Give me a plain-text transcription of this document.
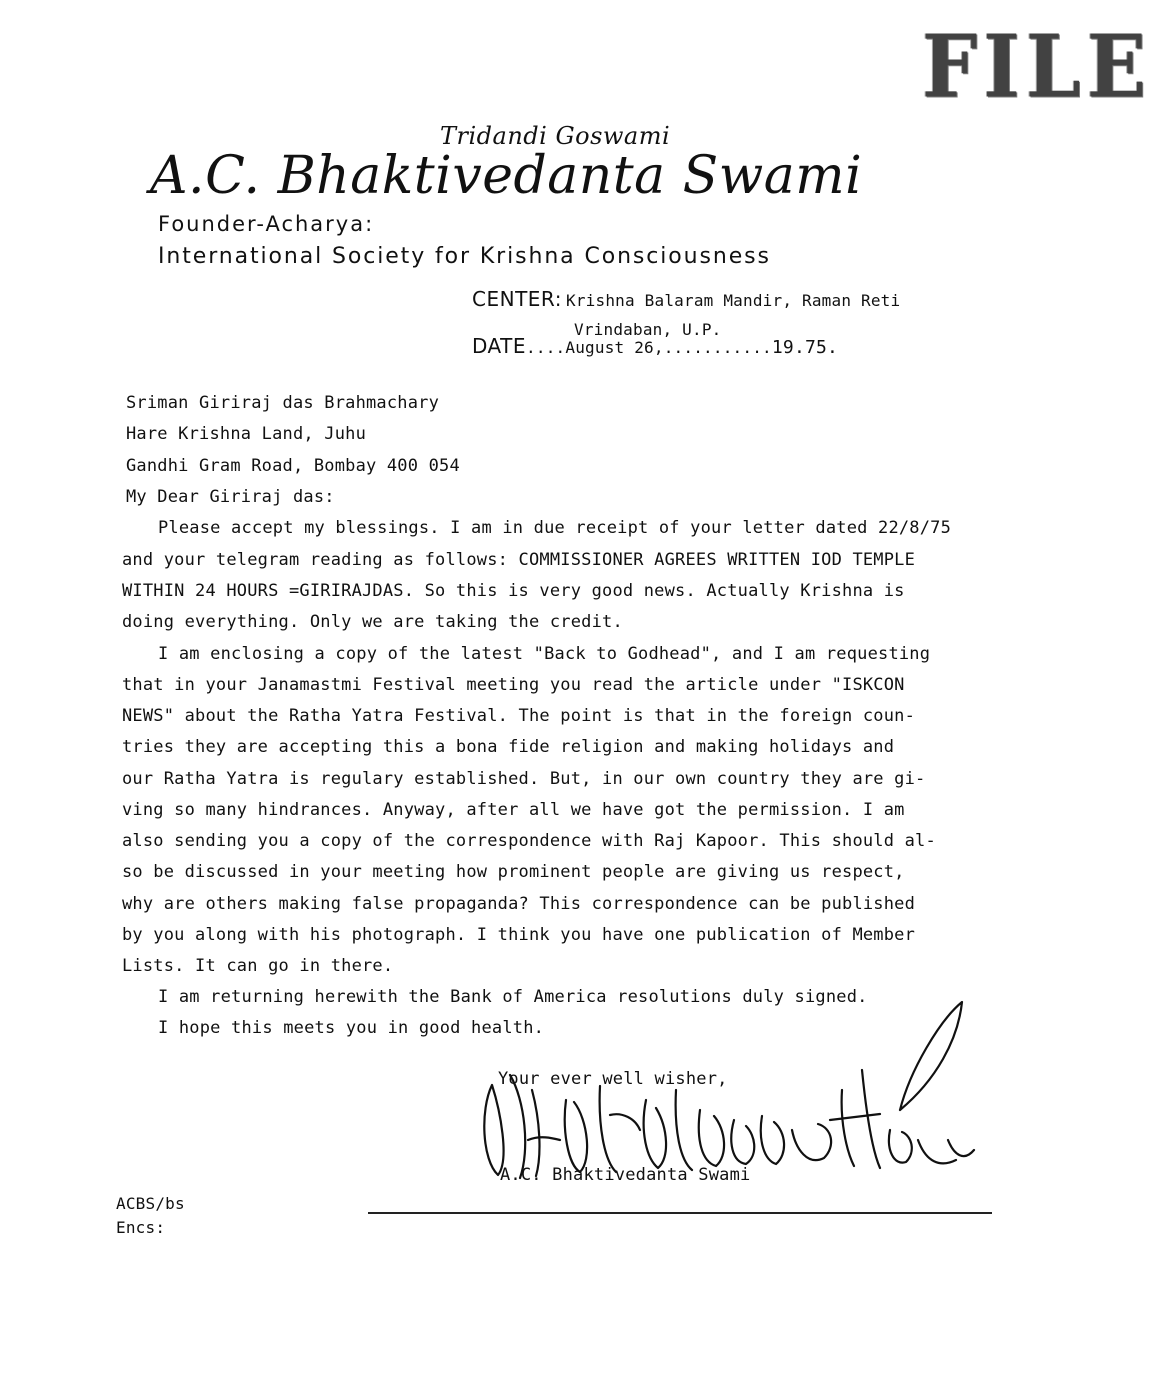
FILE
Tridandi Goswami
A.C. Bhaktivedanta Swami
Founder-Acharya:
International Society for Krishna Consciousness
CENTER: Krishna Balaram Mandir, Raman Reti
Vrindaban, U.P.
DATE....August 26,...........19.75.
Sriman Giriraj das Brahmachary
Hare Krishna Land, Juhu
Gandhi Gram Road, Bombay 400 054
My Dear Giriraj das:
Please accept my blessings. I am in due receipt of your letter dated 22/8/75
and your telegram reading as follows: COMMISSIONER AGREES WRITTEN IOD TEMPLE
WITHIN 24 HOURS =GIRIRAJDAS. So this is very good news. Actually Krishna is
doing everything. Only we are taking the credit.
I am enclosing a copy of the latest "Back to Godhead", and I am requesting
that in your Janamastmi Festival meeting you read the article under "ISKCON
NEWS" about the Ratha Yatra Festival. The point is that in the foreign coun-
tries they are accepting this a bona fide religion and making holidays and
our Ratha Yatra is regulary established. But, in our own country they are gi-
ving so many hindrances. Anyway, after all we have got the permission. I am
also sending you a copy of the correspondence with Raj Kapoor. This should al-
so be discussed in your meeting how prominent people are giving us respect,
why are others making false propaganda? This correspondence can be published
by you along with his photograph. I think you have one publication of Member
Lists. It can go in there.
I am returning herewith the Bank of America resolutions duly signed.
I hope this meets you in good health.
Your ever well wisher,
A.C. Bhaktivedanta Swami
ACBS/bs
Encs:
